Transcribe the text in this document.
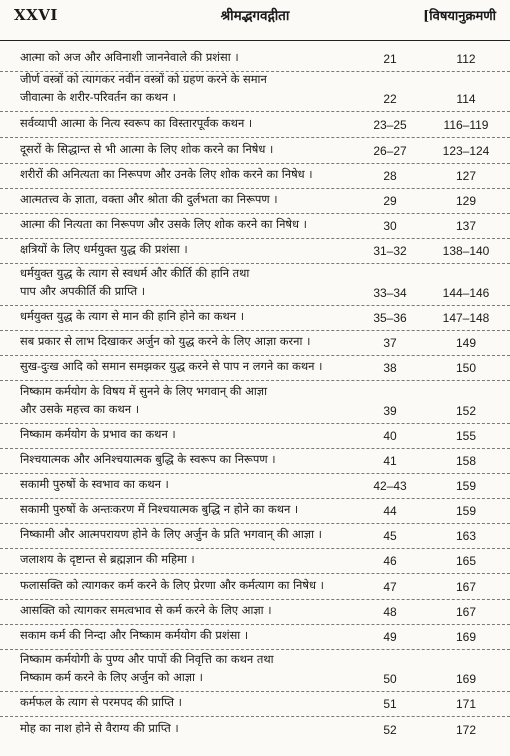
XXVI	श्रीमद्भगवद्गीता	[विषयानुक्रमणी
आत्मा को अज और अविनाशी जाननेवाले की प्रशंसा ।	21	112
जीर्ण वस्त्रों को त्यागकर नवीन वस्त्रों को ग्रहण करने के समान
जीवात्मा के शरीर-परिवर्तन का कथन ।	22	114
सर्वव्यापी आत्मा के नित्य स्वरूप का विस्तारपूर्वक कथन ।	23–25	116–119
दूसरों के सिद्धान्त से भी आत्मा के लिए शोक करने का निषेध ।	26–27	123–124
शरीरों की अनित्यता का निरूपण और उनके लिए शोक करने का निषेध ।	28	127
आत्मतत्त्व के ज्ञाता, वक्ता और श्रोता की दुर्लभता का निरूपण ।	29	129
आत्मा की नित्यता का निरूपण और उसके लिए शोक करने का निषेध ।	30	137
क्षत्रियों के लिए धर्मयुक्त युद्ध की प्रशंसा ।	31–32	138–140
धर्मयुक्त युद्ध के त्याग से स्वधर्म और कीर्ति की हानि तथा
पाप और अपकीर्ति की प्राप्ति ।	33–34	144–146
धर्मयुक्त युद्ध के त्याग से मान की हानि होने का कथन ।	35–36	147–148
सब प्रकार से लाभ दिखाकर अर्जुन को युद्ध करने के लिए आज्ञा करना ।	37	149
सुख-दुःख आदि को समान समझकर युद्ध करने से पाप न लगने का कथन ।	38	150
निष्काम कर्मयोग के विषय में सुनने के लिए भगवान् की आज्ञा
और उसके महत्त्व का कथन ।	39	152
निष्काम कर्मयोग के प्रभाव का कथन ।	40	155
निश्चयात्मक और अनिश्चयात्मक बुद्धि के स्वरूप का निरूपण ।	41	158
सकामी पुरुषों के स्वभाव का कथन ।	42–43	159
सकामी पुरुषों के अन्तःकरण में निश्चयात्मक बुद्धि न होने का कथन ।	44	159
निष्कामी और आत्मपरायण होने के लिए अर्जुन के प्रति भगवान् की आज्ञा ।	45	163
जलाशय के दृष्टान्त से ब्रह्मज्ञान की महिमा ।	46	165
फलासक्ति को त्यागकर कर्म करने के लिए प्रेरणा और कर्मत्याग का निषेध ।	47	167
आसक्ति को त्यागकर समत्वभाव से कर्म करने के लिए आज्ञा ।	48	167
सकाम कर्म की निन्दा और निष्काम कर्मयोग की प्रशंसा ।	49	169
निष्काम कर्मयोगी के पुण्य और पापों की निवृत्ति का कथन तथा
निष्काम कर्म करने के लिए अर्जुन को आज्ञा ।	50	169
कर्मफल के त्याग से परमपद की प्राप्ति ।	51	171
मोह का नाश होने से वैराग्य की प्राप्ति ।	52	172
